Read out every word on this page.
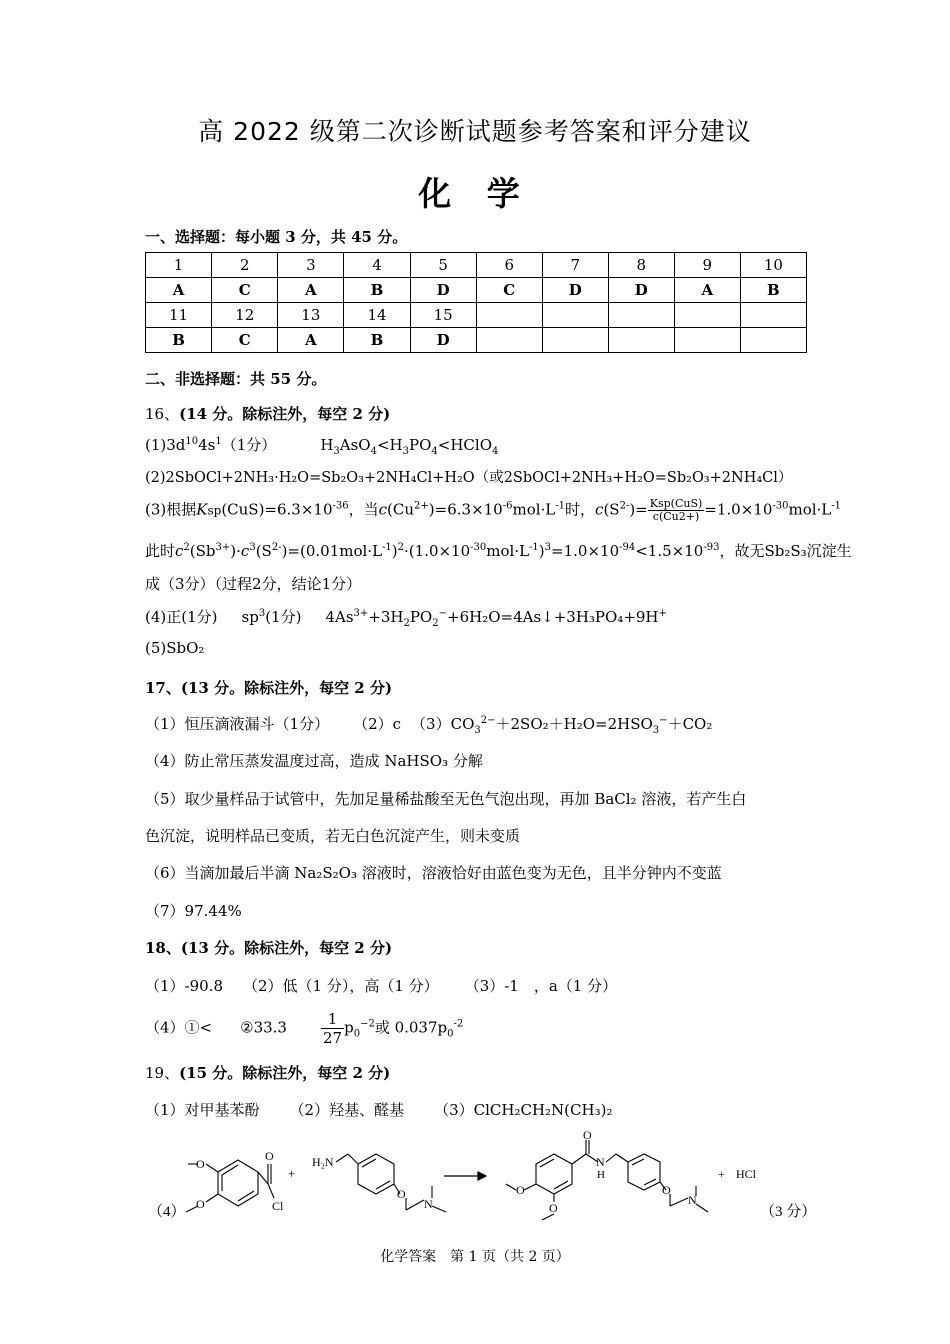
高 2022 级第二次诊断试题参考答案和评分建议
化 学
一、选择题：每小题 3 分，共 45 分。
1	2	3	4	5	6	7	8	9	10
A	C	A	B	D	C	D	D	A	B
11	12	13	14	15					
B	C	A	B	D					
二、非选择题：共 55 分。
16、(14 分。除标注外，每空 2 分)
$(1)3d^{10}4s^1(1$分）	$H_3AsO_4<H_3PO_4<HClO_4$
(2)2SbOCl+2NH₃·H₂O=Sb₂O₃+2NH₄Cl+H₂O（或2SbOCl+2NH₃+H₂O=Sb₂O₃+2NH₄Cl）
(3)根据$Ksp(CuS)=6.3\times 10^{-36}$，当$c(Cu^{2+})=6.3\times 10^{-6}mol\cdot L^{-1}$时，$c(S^{2-})= \frac{\text{Ksp(CuS)}}{c(Cu2+)} =1.0\times 10^{-30}mol\cdot L^{-1}$
此时$c^2(Sb^{3+})\cdot c^3(S^{2-})=(0.01mol\cdot L^{-1})^2\cdot(1.0\times 10^{-30}mol\cdot L^{-1})^3=1.0\times 10^{-94}<1.5\times 10^{-93}$，故无Sb₂S₃沉淀生
成（3分）（过程2分，结论1分）
(4)正(1分) $sp^3(1$分) $4As^{3+}+3H_2PO_2^-+6H_2O=4As↓+3H_3PO_4+9H^+$
(5)SbO₂
17、(13 分。除标注外，每空 2 分)
（1）恒压滴液漏斗（1分） （2）c $(3)CO_3^{2-}+2SO_2+H_2O=2HSO_3^-+CO_2$
（4）防止常压蒸发温度过高，造成 NaHSO₃ 分解
（5）取少量样品于试管中，先加足量稀盐酸至无色气泡出现，再加 BaCl₂ 溶液，若产生白
色沉淀，说明样品已变质，若无白色沉淀产生，则未变质
（6）当滴加最后半滴 Na₂S₂O₃ 溶液时，溶液恰好由蓝色变为无色，且半分钟内不变蓝
（7）97.44%
18、(13 分。除标注外，每空 2 分)
（1）-90.8 （2）低（1 分），高（1 分） （3）-1　，a（1 分）
（4）①< ②33.3 $\frac{1}{27} p_0^{-2}$或 $0.037p_0^{-2}$
19、(15 分。除标注外，每空 2 分)
（1）对甲基苯酚 （2）羟基、醛基 （3）ClCH₂CH₂N(CH₃)₂
（4）
O
O
O
Cl
+
H₂N
O
N
O
O
O
N
H
O
N
+ HCl
（3 分）
化学答案　第 1 页（共 2 页）
